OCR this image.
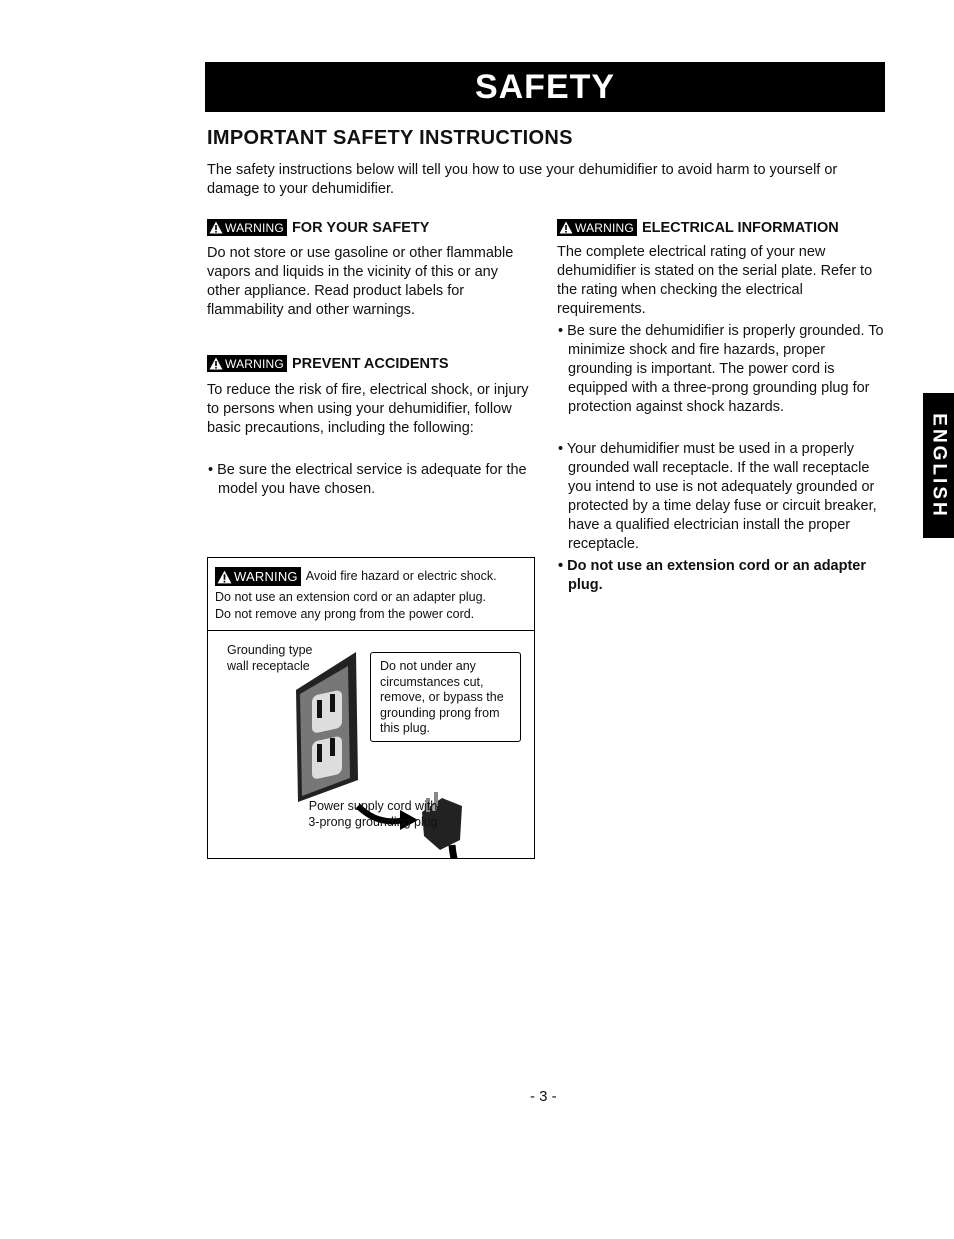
SAFETY
IMPORTANT SAFETY INSTRUCTIONS
The safety instructions below will tell you how to use your dehumidifier to avoid harm to yourself or damage to your dehumidifier.
WARNING FOR YOUR SAFETY
Do not store or use gasoline or other flammable vapors and liquids in the vicinity of this or any other appliance. Read product labels for flammability and other warnings.
WARNING PREVENT ACCIDENTS
To reduce the risk of fire, electrical shock, or injury to persons when using your dehumidifier, follow basic precautions, including the following:
• Be sure the electrical service is adequate for the model you have chosen.
WARNING Avoid fire hazard or electric shock.
Do not use an extension cord or an adapter plug.
Do not remove any prong from the power cord.
Grounding type wall receptacle
Power supply cord with 3-prong grounding plug
Do not under any circumstances cut, remove, or bypass the grounding prong from this plug.
WARNING ELECTRICAL INFORMATION
The complete electrical rating of your new dehumidifier is stated on the serial plate. Refer to the rating when checking the electrical requirements.
• Be sure the dehumidifier is properly grounded. To minimize shock and fire hazards, proper grounding is important. The power cord is equipped with a three-prong grounding plug for protection against shock hazards.
• Your dehumidifier must be used in a properly grounded wall receptacle. If the wall receptacle you intend to use is not adequately grounded or protected by a time delay fuse or circuit breaker, have a qualified electrician install the proper receptacle.
• Do not use an extension cord or an adapter plug.
ENGLISH
- 3 -
